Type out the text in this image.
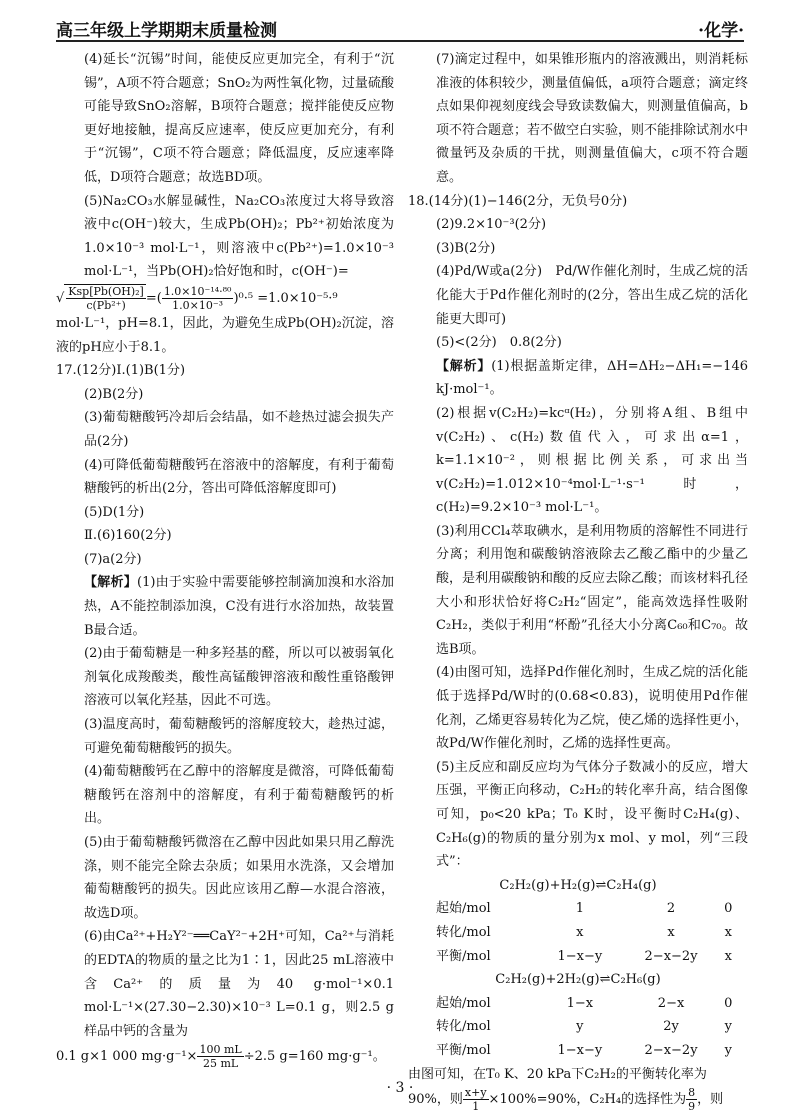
高三年级上学期期末质量检测	·化学·

(4)延长“沉锡”时间，能使反应更加完全，有利于“沉锡”，A项不符合题意；SnO₂为两性氧化物，过量硫酸可能导致SnO₂溶解，B项符合题意；搅拌能使反应物更好地接触，提高反应速率，使反应更加充分，有利于“沉锡”，C项不符合题意；降低温度，反应速率降低，D项符合题意；故选BD项。

(5)Na₂CO₃水解显碱性，Na₂CO₃浓度过大将导致溶液中c(OH⁻)较大，生成Pb(OH)₂；Pb²⁺初始浓度为1.0×10⁻³ mol·L⁻¹，则溶液中c(Pb²⁺)=1.0×10⁻³ mol·L⁻¹，当Pb(OH)₂恰好饱和时，c(OH⁻)=

√ $\frac{\text{Ksp[Pb(OH)₂]}}{\text{c(Pb²⁺)}}$ =( $\frac{\text{1.0×10⁻¹⁴·⁸⁰}}{\text{1.0×10⁻³}} )^0\cdot^5 =1.0\times 10^{-5}\cdot^9$

mol·L⁻¹，pH=8.1，因此，为避免生成Pb(OH)₂沉淀，溶液的pH应小于8.1。

17.(12分)Ⅰ.(1)B(1分)

(2)B(2分)

(3)葡萄糖酸钙冷却后会结晶，如不趁热过滤会损失产品(2分)

(4)可降低葡萄糖酸钙在溶液中的溶解度，有利于葡萄糖酸钙的析出(2分，答出可降低溶解度即可)

(5)D(1分)

Ⅱ.(6)160(2分)

(7)a(2分)

【解析】(1)由于实验中需要能够控制滴加溴和水浴加热，A不能控制添加溴，C没有进行水浴加热，故装置B最合适。

(2)由于葡萄糖是一种多羟基的醛，所以可以被弱氧化剂氧化成羧酸类，酸性高锰酸钾溶液和酸性重铬酸钾溶液可以氧化羟基，因此不可选。

(3)温度高时，葡萄糖酸钙的溶解度较大，趁热过滤，可避免葡萄糖酸钙的损失。

(4)葡萄糖酸钙在乙醇中的溶解度是微溶，可降低葡萄糖酸钙在溶剂中的溶解度，有利于葡萄糖酸钙的析出。

(5)由于葡萄糖酸钙微溶在乙醇中因此如果只用乙醇洗涤，则不能完全除去杂质；如果用水洗涤，又会增加葡萄糖酸钙的损失。因此应该用乙醇—水混合溶液，故选D项。

(6)由Ca²⁺+H₂Y²⁻══CaY²⁻+2H⁺可知，Ca²⁺与消耗的EDTA的物质的量之比为1∶1，因此25 mL溶液中含Ca²⁺的质量为40 g·mol⁻¹×0.1 mol·L⁻¹×(27.30−2.30)×10⁻³ L=0.1 g，则2.5 g样品中钙的含量为

0.1 g×1 000 $mg\cdot g^{-1}\times \frac{100 mL}{25 mL} \div 2.5$ g=160 mg·g⁻¹。

(7)滴定过程中，如果锥形瓶内的溶液溅出，则消耗标准液的体积较少，测量值偏低，a项符合题意；滴定终点如果仰视刻度线会导致读数偏大，则测量值偏高，b项不符合题意；若不做空白实验，则不能排除试剂水中微量钙及杂质的干扰，则测量值偏大，c项不符合题意。

18.(14分)(1)−146(2分，无负号0分)

(2)9.2×10⁻³(2分)

(3)B(2分)

(4)Pd/W或a(2分)　Pd/W作催化剂时，生成乙烷的活化能大于Pd作催化剂时的(2分，答出生成乙烷的活化能更大即可)

(5)<(2分)　0.8(2分)

【解析】(1)根据盖斯定律，ΔH=ΔH₂−ΔH₁=−146 kJ·mol⁻¹。

(2)根据v(C₂H₂)=kcᵅ(H₂)，分别将A组、B组中v(C₂H₂)、c(H₂)数值代入，可求出α=1，k=1.1×10⁻²，则根据比例关系，可求出当v(C₂H₂)=1.012×10⁻⁴mol·L⁻¹·s⁻¹时，c(H₂)=9.2×10⁻³ mol·L⁻¹。

(3)利用CCl₄萃取碘水，是利用物质的溶解性不同进行分离；利用饱和碳酸钠溶液除去乙酸乙酯中的少量乙酸，是利用碳酸钠和酸的反应去除乙酸；而该材料孔径大小和形状恰好将C₂H₂“固定”，能高效选择性吸附C₂H₂，类似于利用“杯酚”孔径大小分离C₆₀和C₇₀。故选B项。

(4)由图可知，选择Pd作催化剂时，生成乙烷的活化能低于选择Pd/W时的(0.68<0.83)，说明使用Pd作催化剂，乙烯更容易转化为乙烷，使乙烯的选择性更小，故Pd/W作催化剂时，乙烯的选择性更高。

(5)主反应和副反应均为气体分子数减小的反应，增大压强，平衡正向移动，C₂H₂的转化率升高，结合图像可知，p₀<20 kPa；T₀ K时，设平衡时C₂H₄(g)、C₂H₆(g)的物质的量分别为x mol、y mol，列“三段式”：

C₂H₂(g)+H₂(g)⇌C₂H₄(g)

起始/mol	1	2	0
转化/mol	x	x	x
平衡/mol	1−x−y	2−x−2y	x

C₂H₂(g)+2H₂(g)⇌C₂H₆(g)

起始/mol	1−x	2−x	0
转化/mol	y	2y	y
平衡/mol	1−x−y	2−x−2y	y

由图可知，在T₀ K、20 kPa下C₂H₂的平衡转化率为

90%，则 $\frac{x+y}{1} \times 100\%=90\%$，C₂H₄的选择性为 $\frac{8}{9}$ ，则

· 3 ·
